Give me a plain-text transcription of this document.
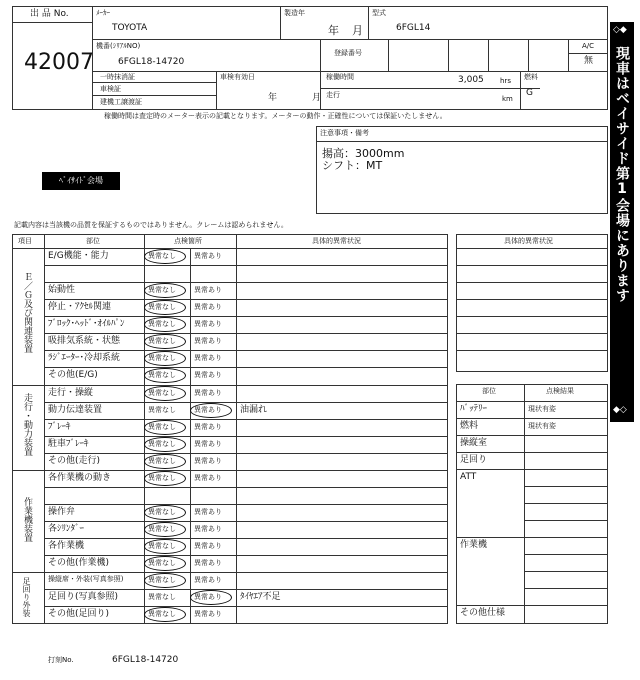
出 品 No.
42007
ﾒｰｶｰ
TOYOTA
製造年
年 月
型式
6FGL14
機番(ｼﾘｱﾙNO)
6FGL18-14720
登録番号
A/C
無
一時抹消証
車検証
建機工譲渡証
車検有効日
年	月
稼働時間	3,005 hrs
走行	km
燃料
G
稼働時間は査定時のメーター表示の記載となります。メーターの動作・正確性については保証いたしません。
注意事項・備考
揚高：3000mm
シフト：MT
ﾍﾞｲｻｲﾄﾞ会場
◇◆
現車はベイサイド第1会場にあります
◆◇
記載内容は当該機の品質を保証するものではありません。クレームは認められません。
項目	部位	点検箇所	具体的異常状況
Ｅ／Ｇ及び関連装置
走行・動力装置
作業機装置
足回り外装
E/G機能・能力	異常なし	異常あり
始動性	異常なし	異常あり
停止・ｱｸｾﾙ関連	異常なし	異常あり
ﾌﾞﾛｯｸ･ﾍｯﾄﾞ･ｵｲﾙﾊﾟﾝ	異常なし	異常あり
吸排気系統・状態	異常なし	異常あり
ﾗｼﾞｴｰﾀｰ･冷却系統	異常なし	異常あり
その他(E/G)	異常なし	異常あり
走行・操縦	異常なし	異常あり
動力伝達装置	異常なし	異常あり 油漏れ
ﾌﾞﾚｰｷ	異常なし	異常あり
駐車ﾌﾞﾚｰｷ	異常なし	異常あり
その他(走行)	異常なし	異常あり
各作業機の動き	異常なし	異常あり
操作弁	異常なし	異常あり
各ｼﾘﾝﾀﾞｰ	異常なし	異常あり
各作業機	異常なし	異常あり
その他(作業機)	異常なし	異常あり
操縦席・外装(写真参照)	異常なし	異常あり
足回り(写真参照)	異常なし	異常あり ﾀｲﾔｴｱ不足
その他(足回り)	異常なし	異常あり
具体的異常状況
部位	点検結果
ﾊﾞｯﾃﾘｰ	現状有姿
燃料	現状有姿
操縦室
足回り
ATT
作業機
その他仕様
打刻No.	6FGL18-14720
